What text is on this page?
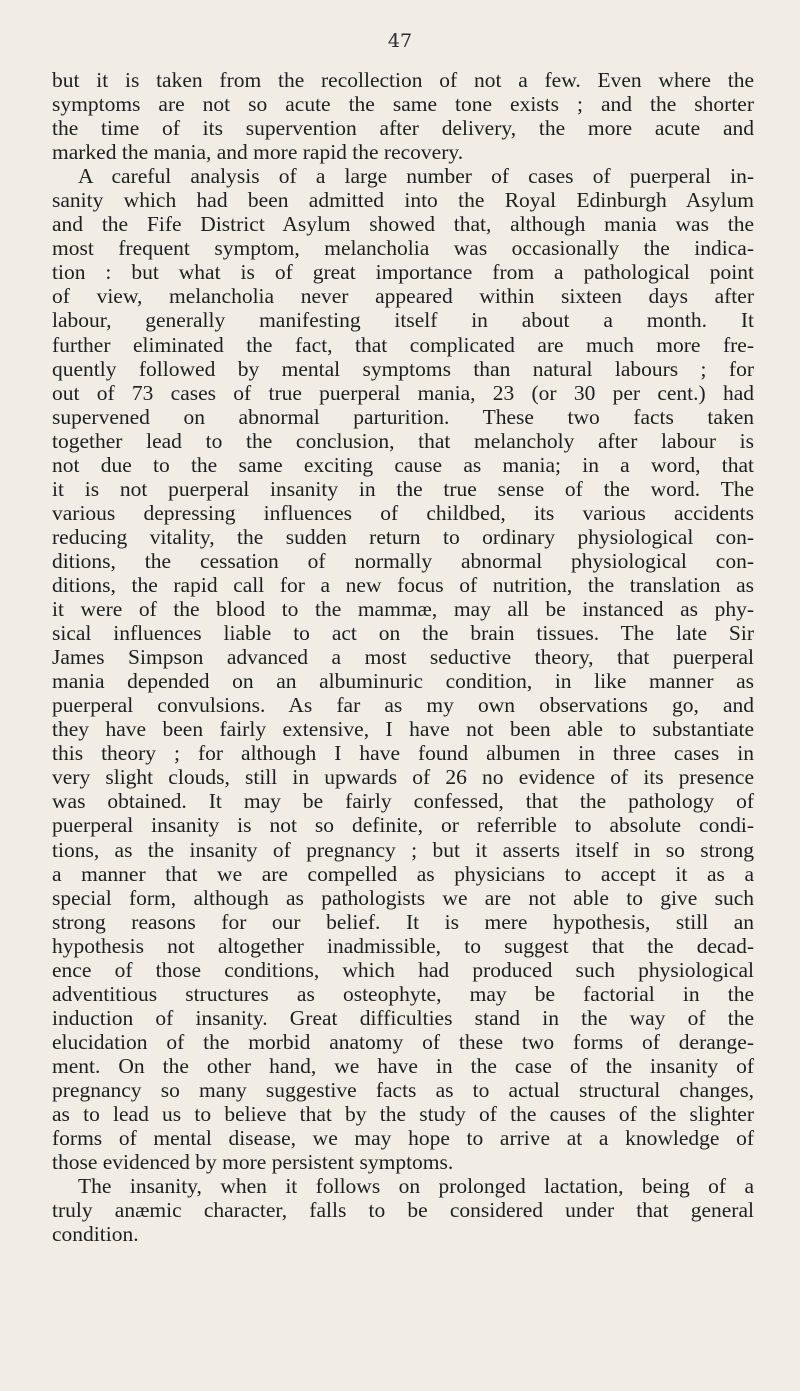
47
but it is taken from the recollection of not a few. Even where the
symptoms are not so acute the same tone exists ; and the shorter
the time of its supervention after delivery, the more acute and
marked the mania, and more rapid the recovery.
A careful analysis of a large number of cases of puerperal in-
sanity which had been admitted into the Royal Edinburgh Asylum
and the Fife District Asylum showed that, although mania was the
most frequent symptom, melancholia was occasionally the indica-
tion : but what is of great importance from a pathological point
of view, melancholia never appeared within sixteen days after
labour, generally manifesting itself in about a month. It
further eliminated the fact, that complicated are much more fre-
quently followed by mental symptoms than natural labours ; for
out of 73 cases of true puerperal mania, 23 (or 30 per cent.) had
supervened on abnormal parturition. These two facts taken
together lead to the conclusion, that melancholy after labour is
not due to the same exciting cause as mania; in a word, that
it is not puerperal insanity in the true sense of the word. The
various depressing influences of childbed, its various accidents
reducing vitality, the sudden return to ordinary physiological con-
ditions, the cessation of normally abnormal physiological con-
ditions, the rapid call for a new focus of nutrition, the translation as
it were of the blood to the mammæ, may all be instanced as phy-
sical influences liable to act on the brain tissues. The late Sir
James Simpson advanced a most seductive theory, that puerperal
mania depended on an albuminuric condition, in like manner as
puerperal convulsions. As far as my own observations go, and
they have been fairly extensive, I have not been able to substantiate
this theory ; for although I have found albumen in three cases in
very slight clouds, still in upwards of 26 no evidence of its presence
was obtained. It may be fairly confessed, that the pathology of
puerperal insanity is not so definite, or referrible to absolute condi-
tions, as the insanity of pregnancy ; but it asserts itself in so strong
a manner that we are compelled as physicians to accept it as a
special form, although as pathologists we are not able to give such
strong reasons for our belief. It is mere hypothesis, still an
hypothesis not altogether inadmissible, to suggest that the decad-
ence of those conditions, which had produced such physiological
adventitious structures as osteophyte, may be factorial in the
induction of insanity. Great difficulties stand in the way of the
elucidation of the morbid anatomy of these two forms of derange-
ment. On the other hand, we have in the case of the insanity of
pregnancy so many suggestive facts as to actual structural changes,
as to lead us to believe that by the study of the causes of the slighter
forms of mental disease, we may hope to arrive at a knowledge of
those evidenced by more persistent symptoms.
The insanity, when it follows on prolonged lactation, being of a
truly anæmic character, falls to be considered under that general
condition.
